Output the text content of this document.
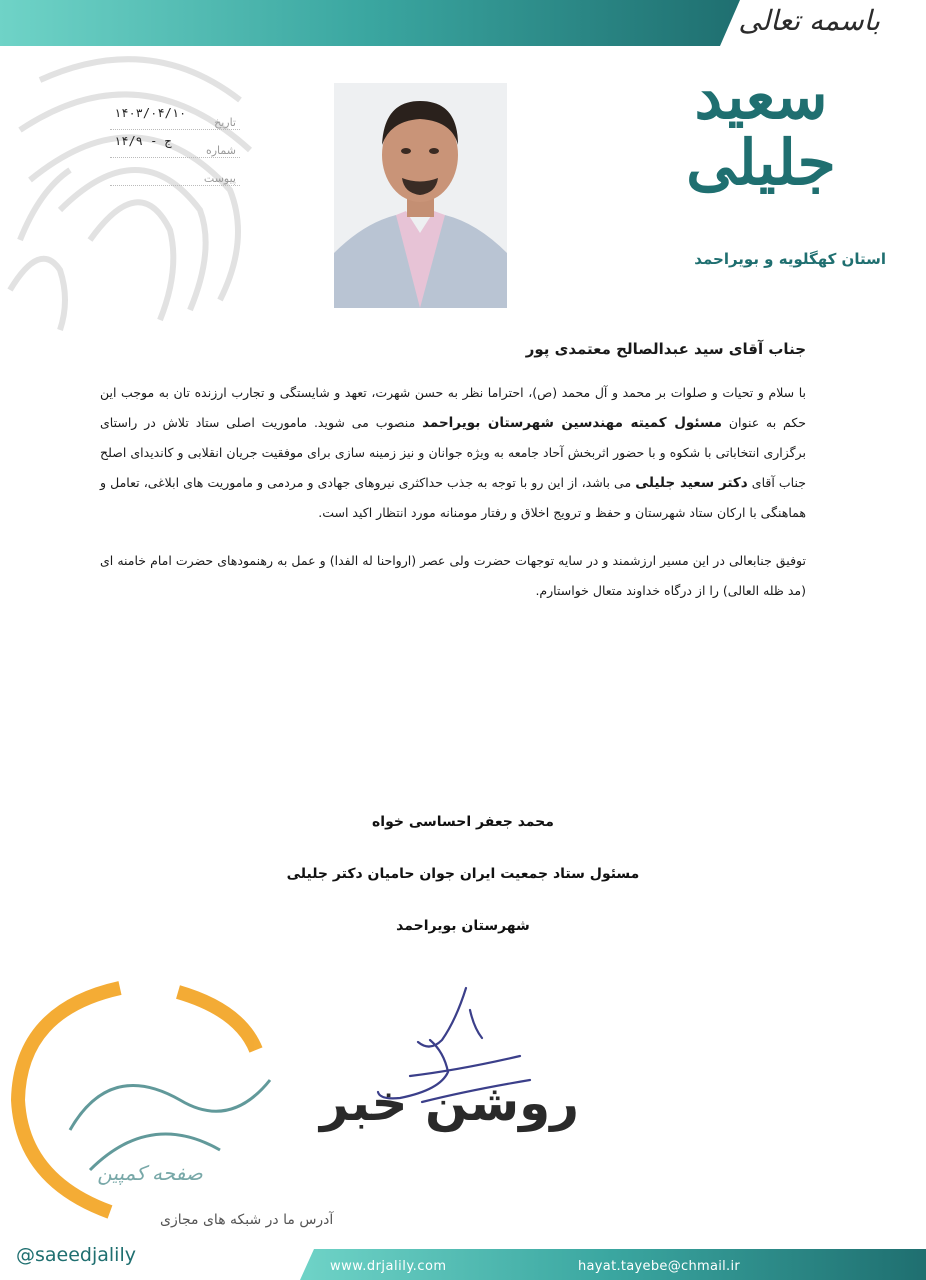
باسمه تعالی
سعید جلیلی
استان کهگلویه و بویراحمد
تاریخ
۱۴۰۳/۰۴/۱۰
شماره
۱۴/۹ - ج
پیوست
جناب آقای سید عبدالصالح معتمدی پور

با سلام و تحیات و صلوات بر محمد و آل محمد (ص)، احتراما نظر به حسن شهرت، تعهد و شایستگی و تجارب ارزنده تان به موجب این حکم به عنوان مسئول کمیته مهندسین شهرستان بویراحمد منصوب می شوید. ماموریت اصلی ستاد تلاش در راستای برگزاری انتخاباتی با شکوه و با حضور اثربخش آحاد جامعه به ویژه جوانان و نیز زمینه سازی برای موفقیت جریان انقلابی و کاندیدای اصلح جناب آقای دکتر سعید جلیلی می باشد، از این رو با توجه به جذب حداکثری نیروهای جهادی و مردمی و ماموریت های ابلاغی، تعامل و هماهنگی با ارکان ستاد شهرستان و حفظ و ترویج اخلاق و رفتار مومنانه مورد انتظار اکید است.

توفیق جنابعالی در این مسیر ارزشمند و در سایه توجهات حضرت ولی عصر (ارواحنا له الفدا) و عمل به رهنمودهای حضرت امام خامنه ای (مد ظله العالی) را از درگاه خداوند متعال خواستارم.

محمد جعفر احساسی خواه
مسئول ستاد جمعیت ایران جوان حامیان دکتر جلیلی
شهرستان بویراحمد
روشن خبر
صفحه کمپین
آدرس ما در شبکه های مجازی
@saeedjalily
www.drjalily.com	hayat.tayebe@chmail.ir
